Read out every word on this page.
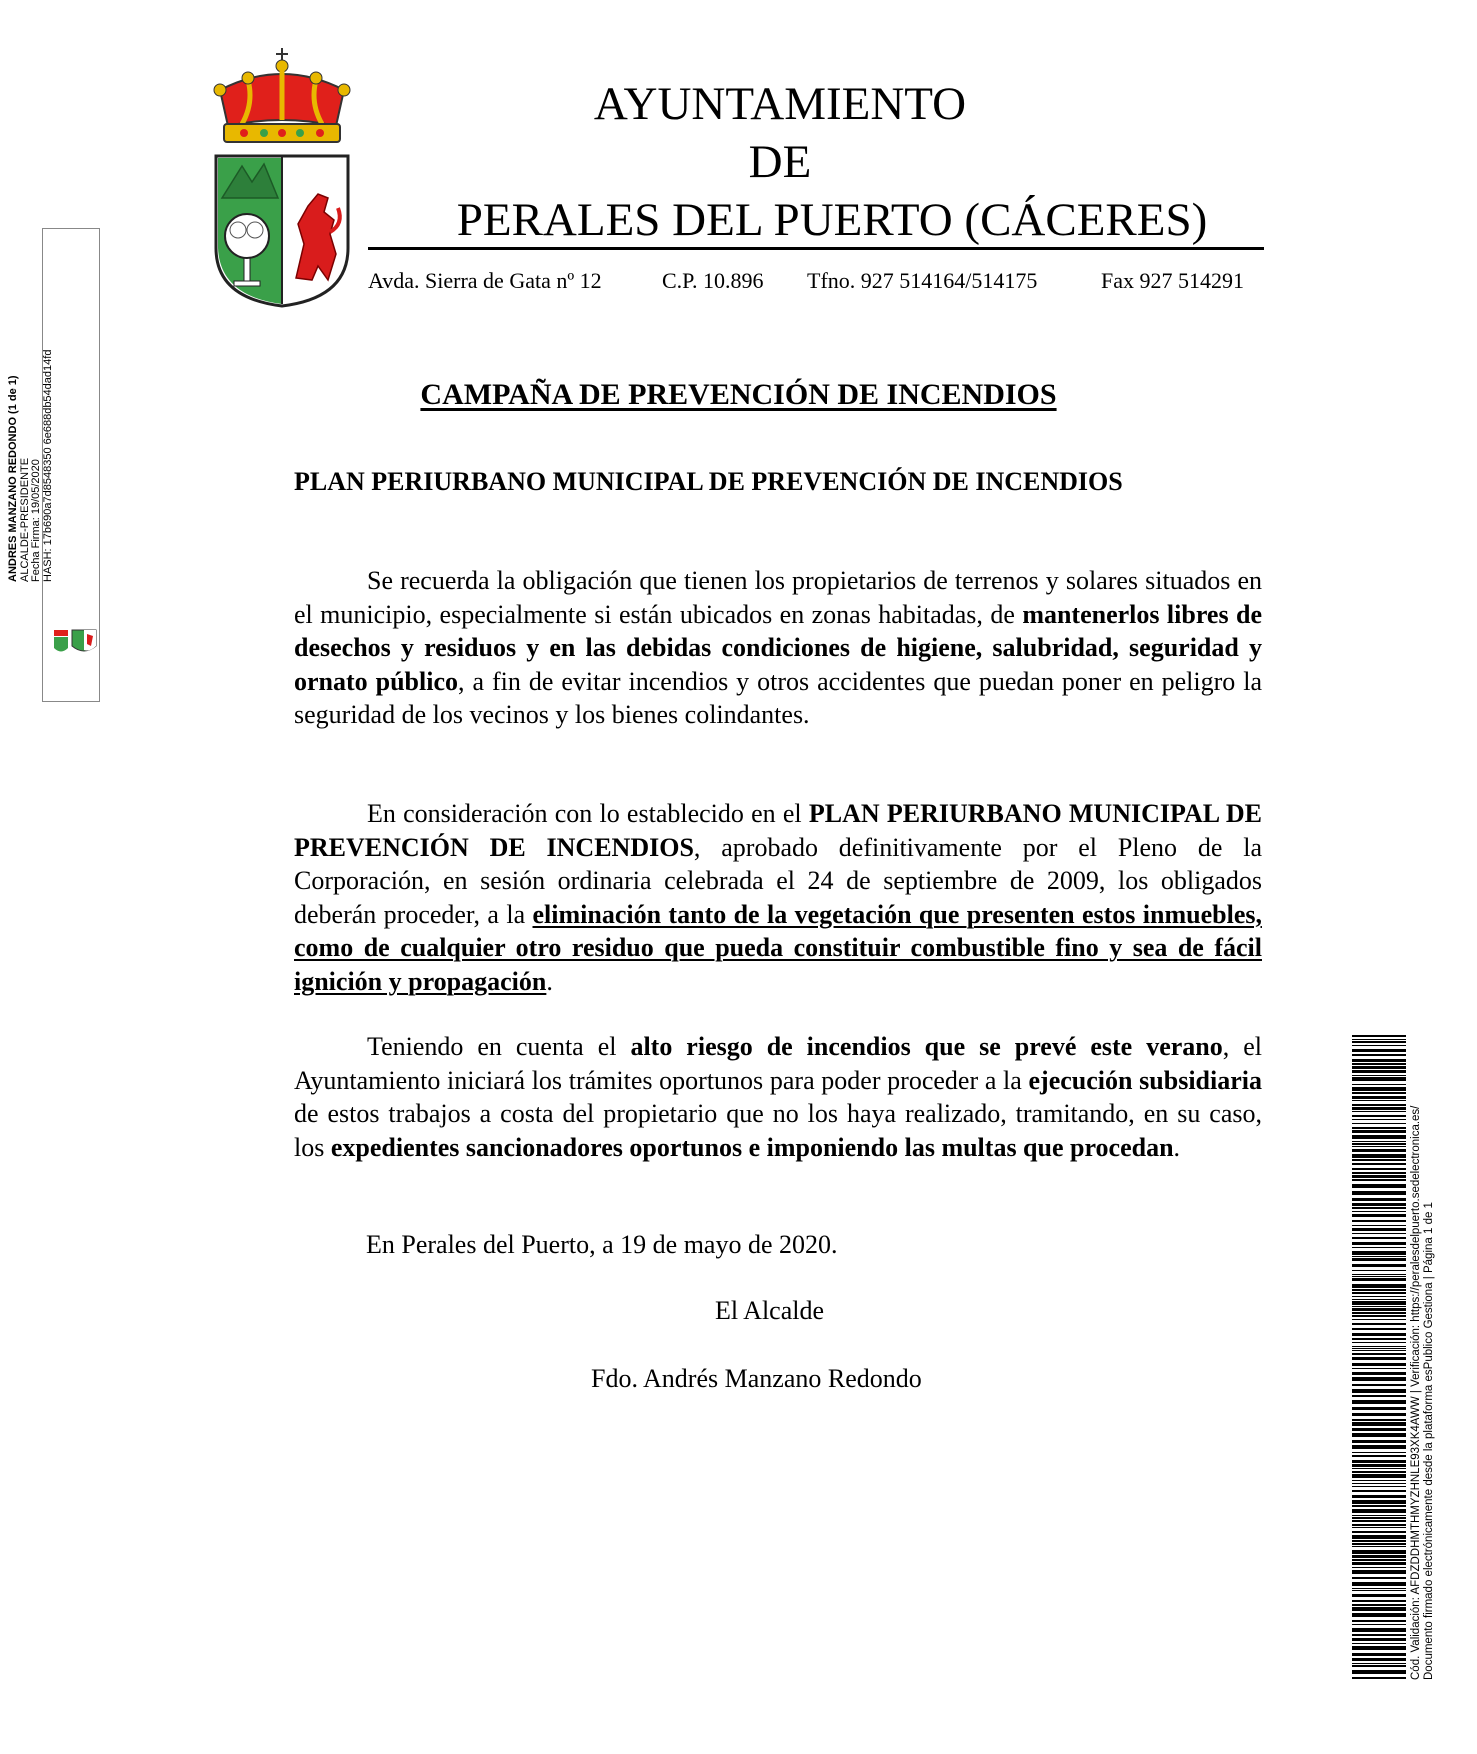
AYUNTAMIENTO
DE
PERALES DEL PUERTO (CÁCERES)
Avda. Sierra de Gata nº 12	C.P. 10.896 Tfno. 927 514164/514175	Fax 927 514291
CAMPAÑA DE PREVENCIÓN DE INCENDIOS
PLAN PERIURBANO MUNICIPAL DE PREVENCIÓN DE INCENDIOS
Se recuerda la obligación que tienen los propietarios de terrenos y solares situados en el municipio, especialmente si están ubicados en zonas habitadas, de mantenerlos libres de desechos y residuos y en las debidas condiciones de higiene, salubridad, seguridad y ornato público, a fin de evitar incendios y otros accidentes que puedan poner en peligro la seguridad de los vecinos y los bienes colindantes.
En consideración con lo establecido en el PLAN PERIURBANO MUNICIPAL DE PREVENCIÓN DE INCENDIOS, aprobado definitivamente por el Pleno de la Corporación, en sesión ordinaria celebrada el 24 de septiembre de 2009, los obligados deberán proceder, a la eliminación tanto de la vegetación que presenten estos inmuebles, como de cualquier otro residuo que pueda constituir combustible fino y sea de fácil ignición y propagación.
Teniendo en cuenta el alto riesgo de incendios que se prevé este verano, el Ayuntamiento iniciará los trámites oportunos para poder proceder a la ejecución subsidiaria de estos trabajos a costa del propietario que no los haya realizado, tramitando, en su caso, los expedientes sancionadores oportunos e imponiendo las multas que procedan.
En Perales del Puerto, a 19 de mayo de 2020.
El Alcalde
Fdo. Andrés Manzano Redondo
ANDRES MANZANO REDONDO (1 de 1) ALCALDE-PRESIDENTE Fecha Firma: 19/05/2020 HASH: 17b690a7d8548350 6e688db54dad14fd
Cód. Validación: AFDZDDHMTHMYZHNLE93XK4AWW | Verificación: https://peralesdelpuerto.sedelectronica.es/ Documento firmado electrónicamente desde la plataforma esPublico Gestiona | Página 1 de 1
